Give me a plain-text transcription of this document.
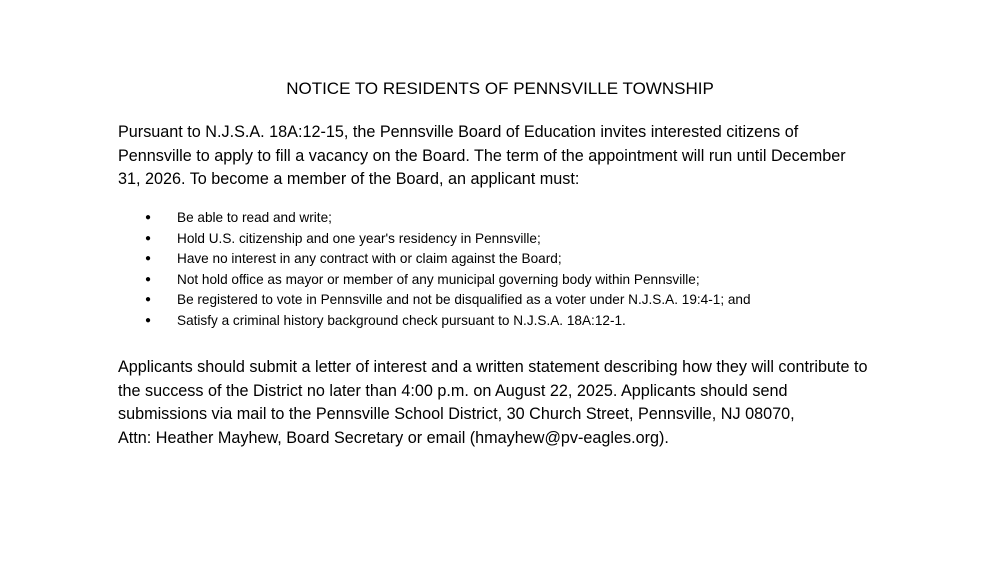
NOTICE TO RESIDENTS OF PENNSVILLE TOWNSHIP

Pursuant to N.J.S.A. 18A:12-15, the Pennsville Board of Education invites interested citizens of
Pennsville to apply to fill a vacancy on the Board. The term of the appointment will run until December
31, 2026. To become a member of the Board, an applicant must:

● Be able to read and write;
● Hold U.S. citizenship and one year's residency in Pennsville;
● Have no interest in any contract with or claim against the Board;
● Not hold office as mayor or member of any municipal governing body within Pennsville;
● Be registered to vote in Pennsville and not be disqualified as a voter under N.J.S.A. 19:4-1; and
● Satisfy a criminal history background check pursuant to N.J.S.A. 18A:12-1.

Applicants should submit a letter of interest and a written statement describing how they will contribute to
the success of the District no later than 4:00 p.m. on August 22, 2025. Applicants should send
submissions via mail to the Pennsville School District, 30 Church Street, Pennsville, NJ 08070,
Attn: Heather Mayhew, Board Secretary or email (hmayhew@pv-eagles.org).
